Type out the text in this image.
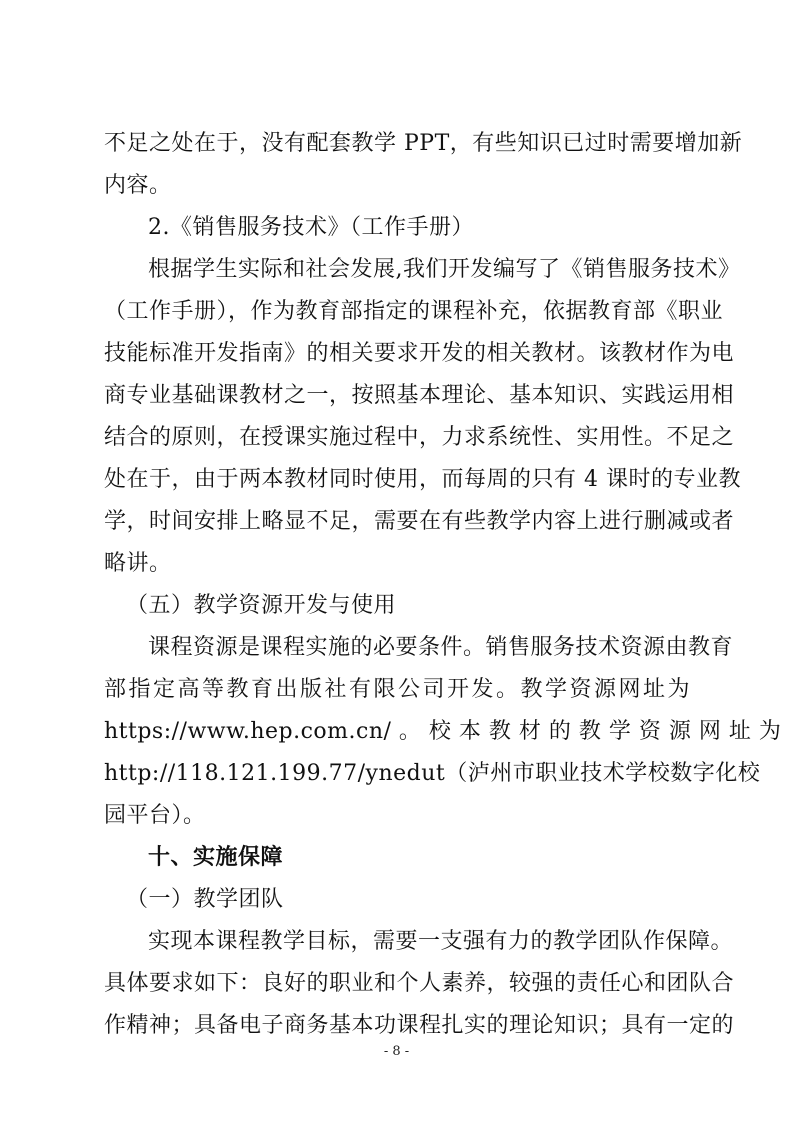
不足之处在于，没有配套教学 PPT，有些知识已过时需要增加新
内容。
2.《销售服务技术》（工作手册）
根据学生实际和社会发展,我们开发编写了《销售服务技术》
（工作手册），作为教育部指定的课程补充，依据教育部《职业
技能标准开发指南》的相关要求开发的相关教材。该教材作为电
商专业基础课教材之一，按照基本理论、基本知识、实践运用相
结合的原则，在授课实施过程中，力求系统性、实用性。不足之
处在于，由于两本教材同时使用，而每周的只有 4 课时的专业教
学，时间安排上略显不足，需要在有些教学内容上进行删减或者
略讲。
（五）教学资源开发与使用
课程资源是课程实施的必要条件。销售服务技术资源由教育
部指定高等教育出版社有限公司开发。教学资源网址为
https://www.hep.com.cn/ 。 校 本 教 材 的 教 学 资 源 网 址 为
http://118.121.199.77/ynedut（泸州市职业技术学校数字化校
园平台）。
十、实施保障
（一）教学团队
实现本课程教学目标，需要一支强有力的教学团队作保障。
具体要求如下：良好的职业和个人素养，较强的责任心和团队合
作精神；具备电子商务基本功课程扎实的理论知识；具有一定的
- 8 -
